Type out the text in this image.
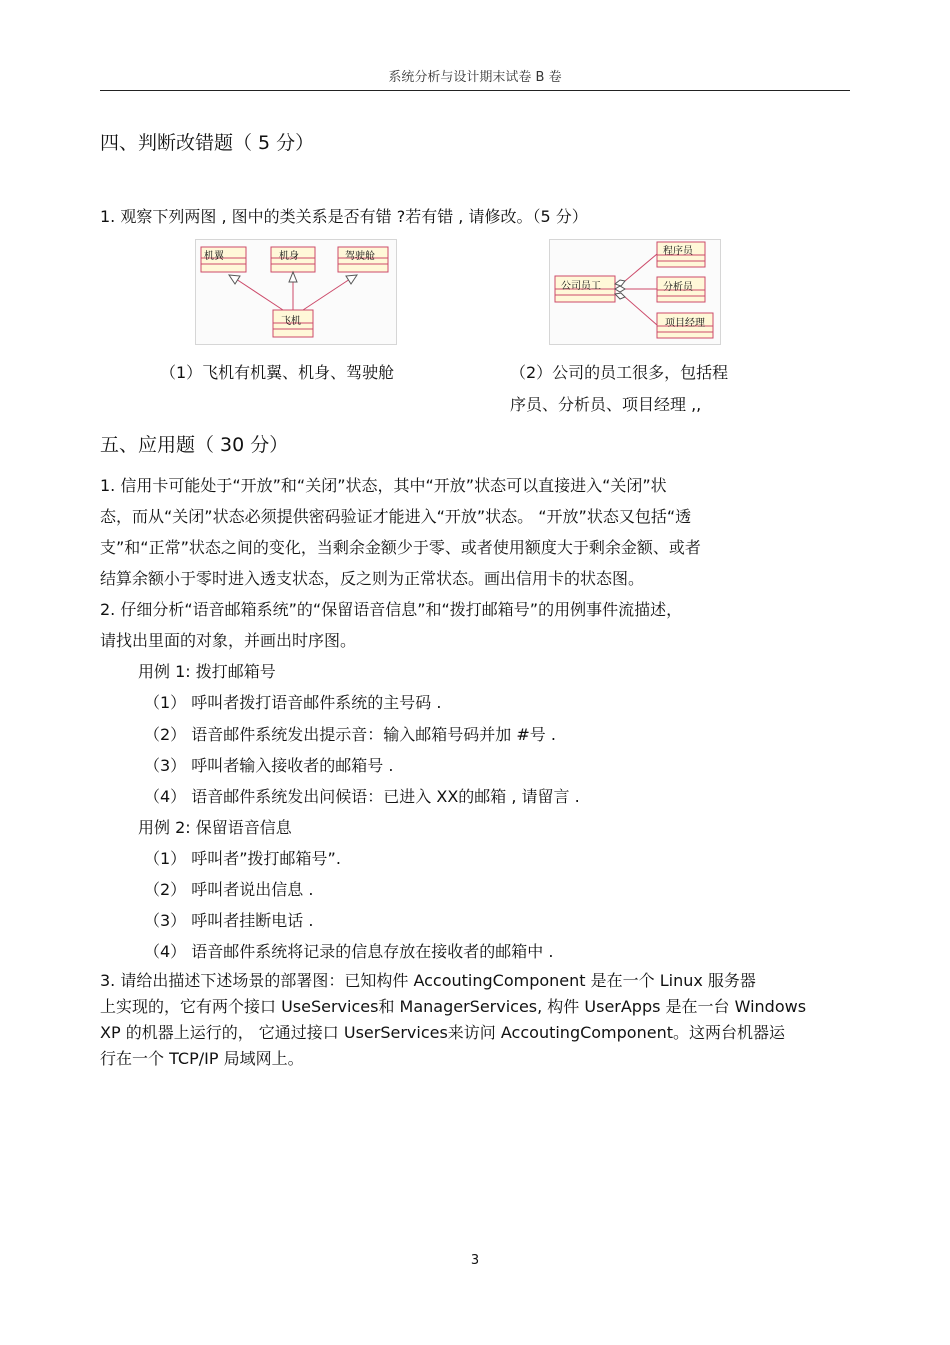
系统分析与设计期末试卷 B 卷
四、判断改错题（ 5 分）
1. 观察下列两图 , 图中的类关系是否有错 ?若有错 , 请修改。（5 分）
机翼	机身	驾驶舱
飞机
公司员工
程序员
分析员
项目经理
（1）飞机有机翼、机身、驾驶舱	（2）公司的员工很多，包括程
序员、分析员、项目经理 ,,
五、应用题（ 30 分）
1. 信用卡可能处于“开放”和“关闭”状态，其中“开放”状态可以直接进入“关闭”状
态，而从“关闭”状态必须提供密码验证才能进入“开放”状态。 “开放”状态又包括“透
支”和“正常”状态之间的变化，当剩余金额少于零、或者使用额度大于剩余金额、或者
结算余额小于零时进入透支状态，反之则为正常状态。画出信用卡的状态图。
2. 仔细分析“语音邮箱系统”的“保留语音信息”和“拨打邮箱号”的用例事件流描述，
请找出里面的对象，并画出时序图。
用例 1: 拨打邮箱号
（1） 呼叫者拨打语音邮件系统的主号码 .
（2） 语音邮件系统发出提示音：输入邮箱号码并加 #号 .
（3） 呼叫者输入接收者的邮箱号 .
（4） 语音邮件系统发出问候语：已进入 XX的邮箱 , 请留言 .
用例 2: 保留语音信息
（1） 呼叫者”拨打邮箱号”.
（2） 呼叫者说出信息 .
（3） 呼叫者挂断电话 .
（4） 语音邮件系统将记录的信息存放在接收者的邮箱中 .
3. 请给出描述下述场景的部署图：已知构件 AccoutingComponent 是在一个 Linux 服务器
上实现的，它有两个接口 UseServices和 ManagerServices, 构件 UserApps 是在一台 Windows
XP 的机器上运行的， 它通过接口 UserServices来访问 AccoutingComponent。这两台机器运
行在一个 TCP/IP 局域网上。
3
